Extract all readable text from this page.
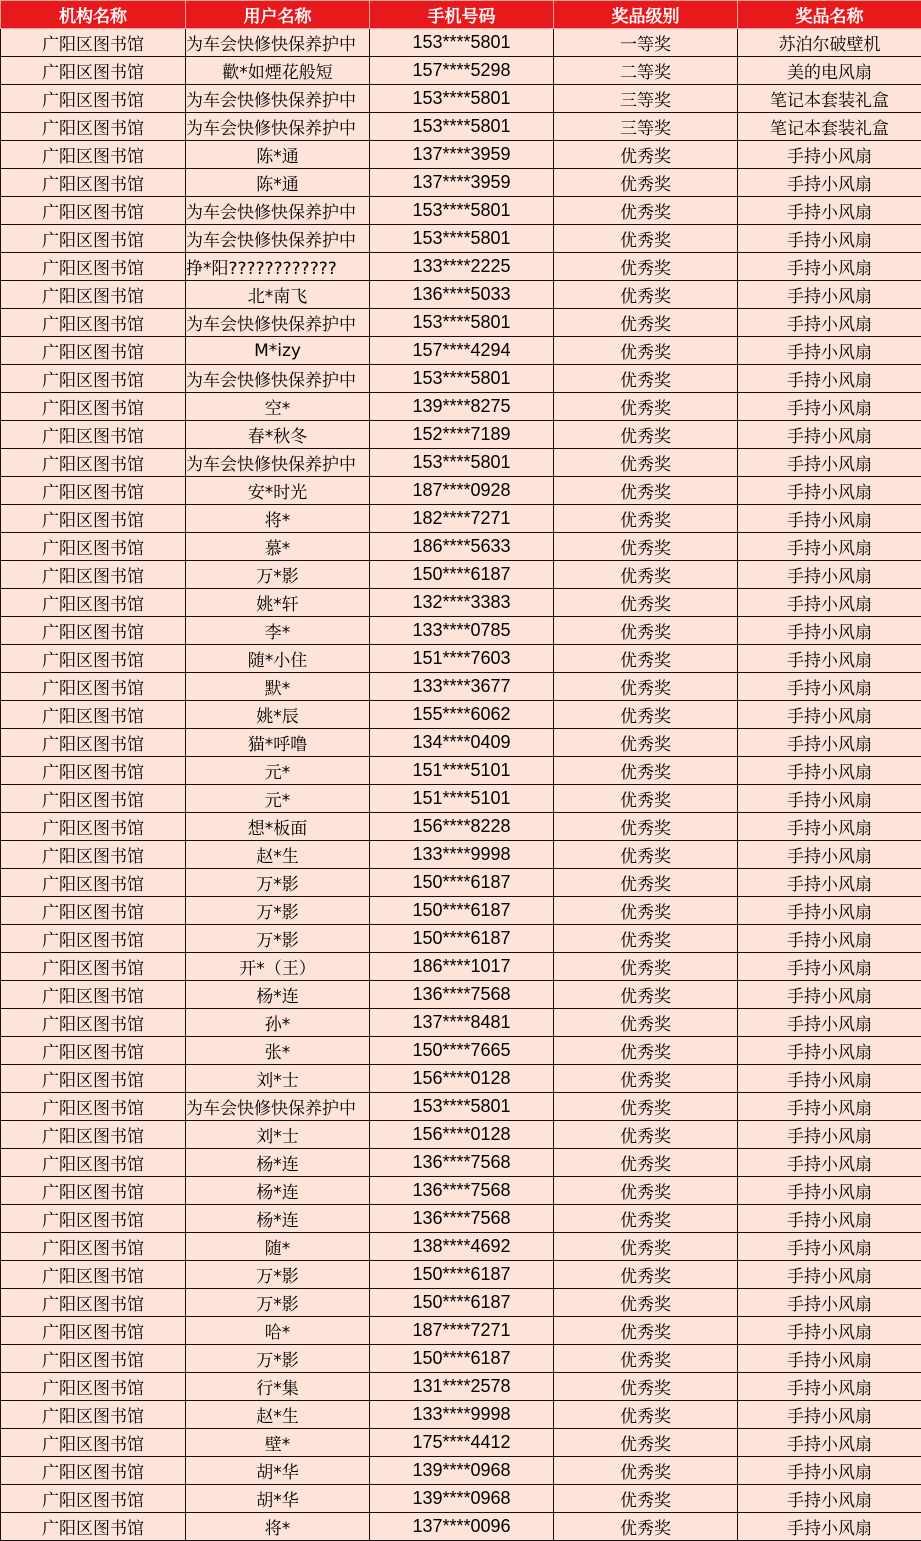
机构名称	用户名称	手机号码	奖品级别	奖品名称
广阳区图书馆	为车会快修快保养护中	153****5801	一等奖	苏泊尔破壁机
广阳区图书馆	歡*如煙花般短	157****5298	二等奖	美的电风扇
广阳区图书馆	为车会快修快保养护中	153****5801	三等奖	笔记本套装礼盒
广阳区图书馆	为车会快修快保养护中	153****5801	三等奖	笔记本套装礼盒
广阳区图书馆	陈*通	137****3959	优秀奖	手持小风扇
广阳区图书馆	陈*通	137****3959	优秀奖	手持小风扇
广阳区图书馆	为车会快修快保养护中	153****5801	优秀奖	手持小风扇
广阳区图书馆	为车会快修快保养护中	153****5801	优秀奖	手持小风扇
广阳区图书馆	挣*阳????????????	133****2225	优秀奖	手持小风扇
广阳区图书馆	北*南飞	136****5033	优秀奖	手持小风扇
广阳区图书馆	为车会快修快保养护中	153****5801	优秀奖	手持小风扇
广阳区图书馆	M*izy	157****4294	优秀奖	手持小风扇
广阳区图书馆	为车会快修快保养护中	153****5801	优秀奖	手持小风扇
广阳区图书馆	空*	139****8275	优秀奖	手持小风扇
广阳区图书馆	春*秋冬	152****7189	优秀奖	手持小风扇
广阳区图书馆	为车会快修快保养护中	153****5801	优秀奖	手持小风扇
广阳区图书馆	安*时光	187****0928	优秀奖	手持小风扇
广阳区图书馆	将*	182****7271	优秀奖	手持小风扇
广阳区图书馆	慕*	186****5633	优秀奖	手持小风扇
广阳区图书馆	万*影	150****6187	优秀奖	手持小风扇
广阳区图书馆	姚*轩	132****3383	优秀奖	手持小风扇
广阳区图书馆	李*	133****0785	优秀奖	手持小风扇
广阳区图书馆	随*小住	151****7603	优秀奖	手持小风扇
广阳区图书馆	默*	133****3677	优秀奖	手持小风扇
广阳区图书馆	姚*辰	155****6062	优秀奖	手持小风扇
广阳区图书馆	猫*呼噜	134****0409	优秀奖	手持小风扇
广阳区图书馆	元*	151****5101	优秀奖	手持小风扇
广阳区图书馆	元*	151****5101	优秀奖	手持小风扇
广阳区图书馆	想*板面	156****8228	优秀奖	手持小风扇
广阳区图书馆	赵*生	133****9998	优秀奖	手持小风扇
广阳区图书馆	万*影	150****6187	优秀奖	手持小风扇
广阳区图书馆	万*影	150****6187	优秀奖	手持小风扇
广阳区图书馆	万*影	150****6187	优秀奖	手持小风扇
广阳区图书馆	开*（王）	186****1017	优秀奖	手持小风扇
广阳区图书馆	杨*连	136****7568	优秀奖	手持小风扇
广阳区图书馆	孙*	137****8481	优秀奖	手持小风扇
广阳区图书馆	张*	150****7665	优秀奖	手持小风扇
广阳区图书馆	刘*士	156****0128	优秀奖	手持小风扇
广阳区图书馆	为车会快修快保养护中	153****5801	优秀奖	手持小风扇
广阳区图书馆	刘*士	156****0128	优秀奖	手持小风扇
广阳区图书馆	杨*连	136****7568	优秀奖	手持小风扇
广阳区图书馆	杨*连	136****7568	优秀奖	手持小风扇
广阳区图书馆	杨*连	136****7568	优秀奖	手持小风扇
广阳区图书馆	随*	138****4692	优秀奖	手持小风扇
广阳区图书馆	万*影	150****6187	优秀奖	手持小风扇
广阳区图书馆	万*影	150****6187	优秀奖	手持小风扇
广阳区图书馆	哈*	187****7271	优秀奖	手持小风扇
广阳区图书馆	万*影	150****6187	优秀奖	手持小风扇
广阳区图书馆	行*集	131****2578	优秀奖	手持小风扇
广阳区图书馆	赵*生	133****9998	优秀奖	手持小风扇
广阳区图书馆	壁*	175****4412	优秀奖	手持小风扇
广阳区图书馆	胡*华	139****0968	优秀奖	手持小风扇
广阳区图书馆	胡*华	139****0968	优秀奖	手持小风扇
广阳区图书馆	将*	137****0096	优秀奖	手持小风扇
